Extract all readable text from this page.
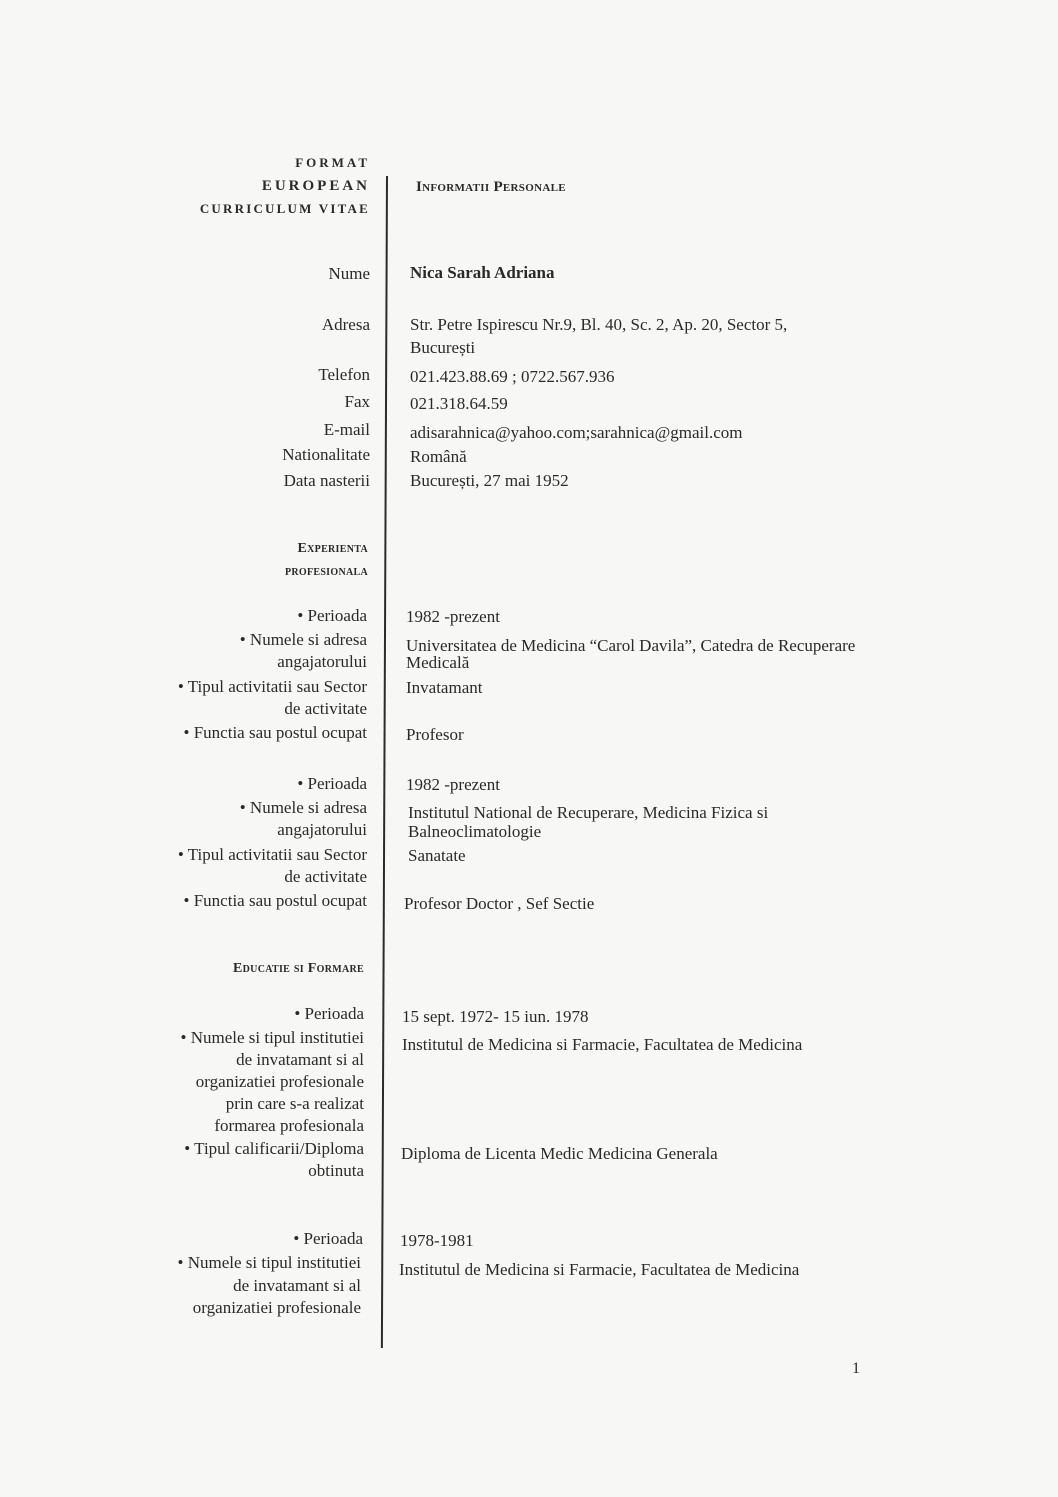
FORMAT
EUROPEAN
CURRICULUM VITAE
Informatii Personale
Nume Nica Sarah Adriana
Adresa Str. Petre Ispirescu Nr.9, Bl. 40, Sc. 2, Ap. 20, Sector 5,
București
Telefon 021.423.88.69 ; 0722.567.936
Fax 021.318.64.59
E-mail adisarahnica@yahoo.com;sarahnica@gmail.com
Nationalitate Română
Data nasterii București, 27 mai 1952
Experienta
profesionala
• Perioada 1982 -prezent
• Numele si adresa
angajatorului
Universitatea de Medicina “Carol Davila”, Catedra de Recuperare
Medicală
• Tipul activitatii sau Sector
de activitate
Invatamant
• Functia sau postul ocupat Profesor
• Perioada 1982 -prezent
• Numele si adresa
angajatorului
Institutul National de Recuperare, Medicina Fizica si
Balneoclimatologie
• Tipul activitatii sau Sector
de activitate
Sanatate
• Functia sau postul ocupat Profesor Doctor , Sef Sectie
Educatie si Formare
• Perioada 15 sept. 1972- 15 iun. 1978
• Numele si tipul institutiei
de invatamant si al
organizatiei profesionale
prin care s-a realizat
formarea profesionala
Institutul de Medicina si Farmacie, Facultatea de Medicina
• Tipul calificarii/Diploma
obtinuta
Diploma de Licenta Medic Medicina Generala
• Perioada 1978-1981
• Numele si tipul institutiei
de invatamant si al
organizatiei profesionale
Institutul de Medicina si Farmacie, Facultatea de Medicina
1
